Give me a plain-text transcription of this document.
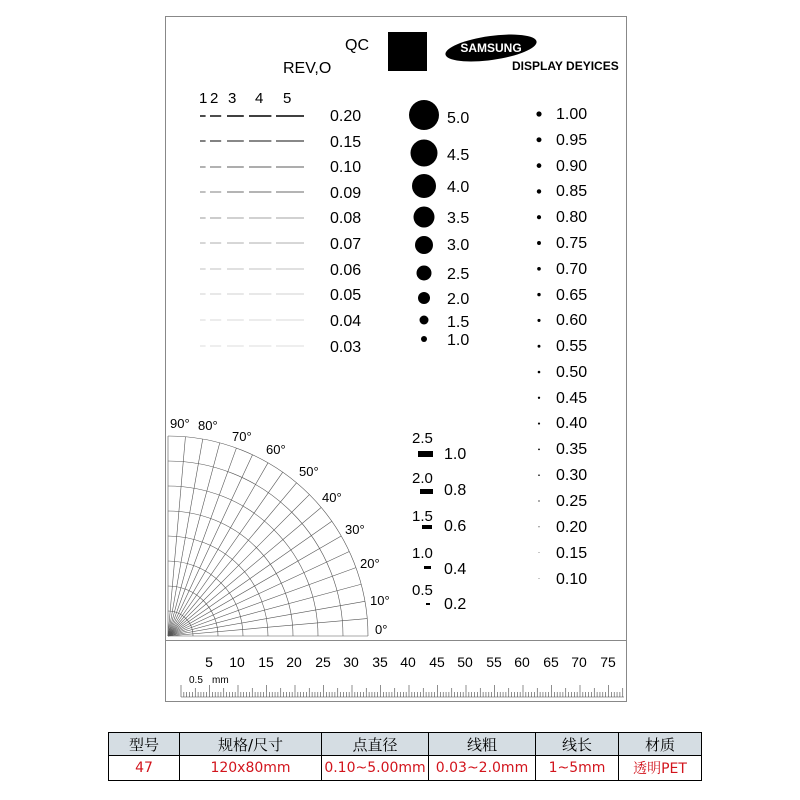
QC
REV,O
SAMSUNG
DISPLAY DEYICES
1 2 3 4 5
0.20
0.15
0.10
0.09
0.08
0.07
0.06
0.05
0.04
0.03
5.0
4.5
4.0
3.5
3.0
2.5
2.0
1.5
1.0
1.00
0.95
0.90
0.85
0.80
0.75
0.70
0.65
0.60
0.55
0.50
0.45
0.40
0.35
0.30
0.25
0.20
0.15
0.10
2.5
1.0
2.0
0.8
1.5
0.6
1.0
0.4
0.5
0.2
0°
10°
20°
30°
40°
50°
60°
70°
80°
90°
5 10 15 20 25 30 35 40 45 50 55 60 65 70 75
0.5 mm
型号	规格/尺寸	点直径	线粗	线长	材质
47	120x80mm	0.10~5.00mm	0.03~2.0mm	1~5mm	透明PET
